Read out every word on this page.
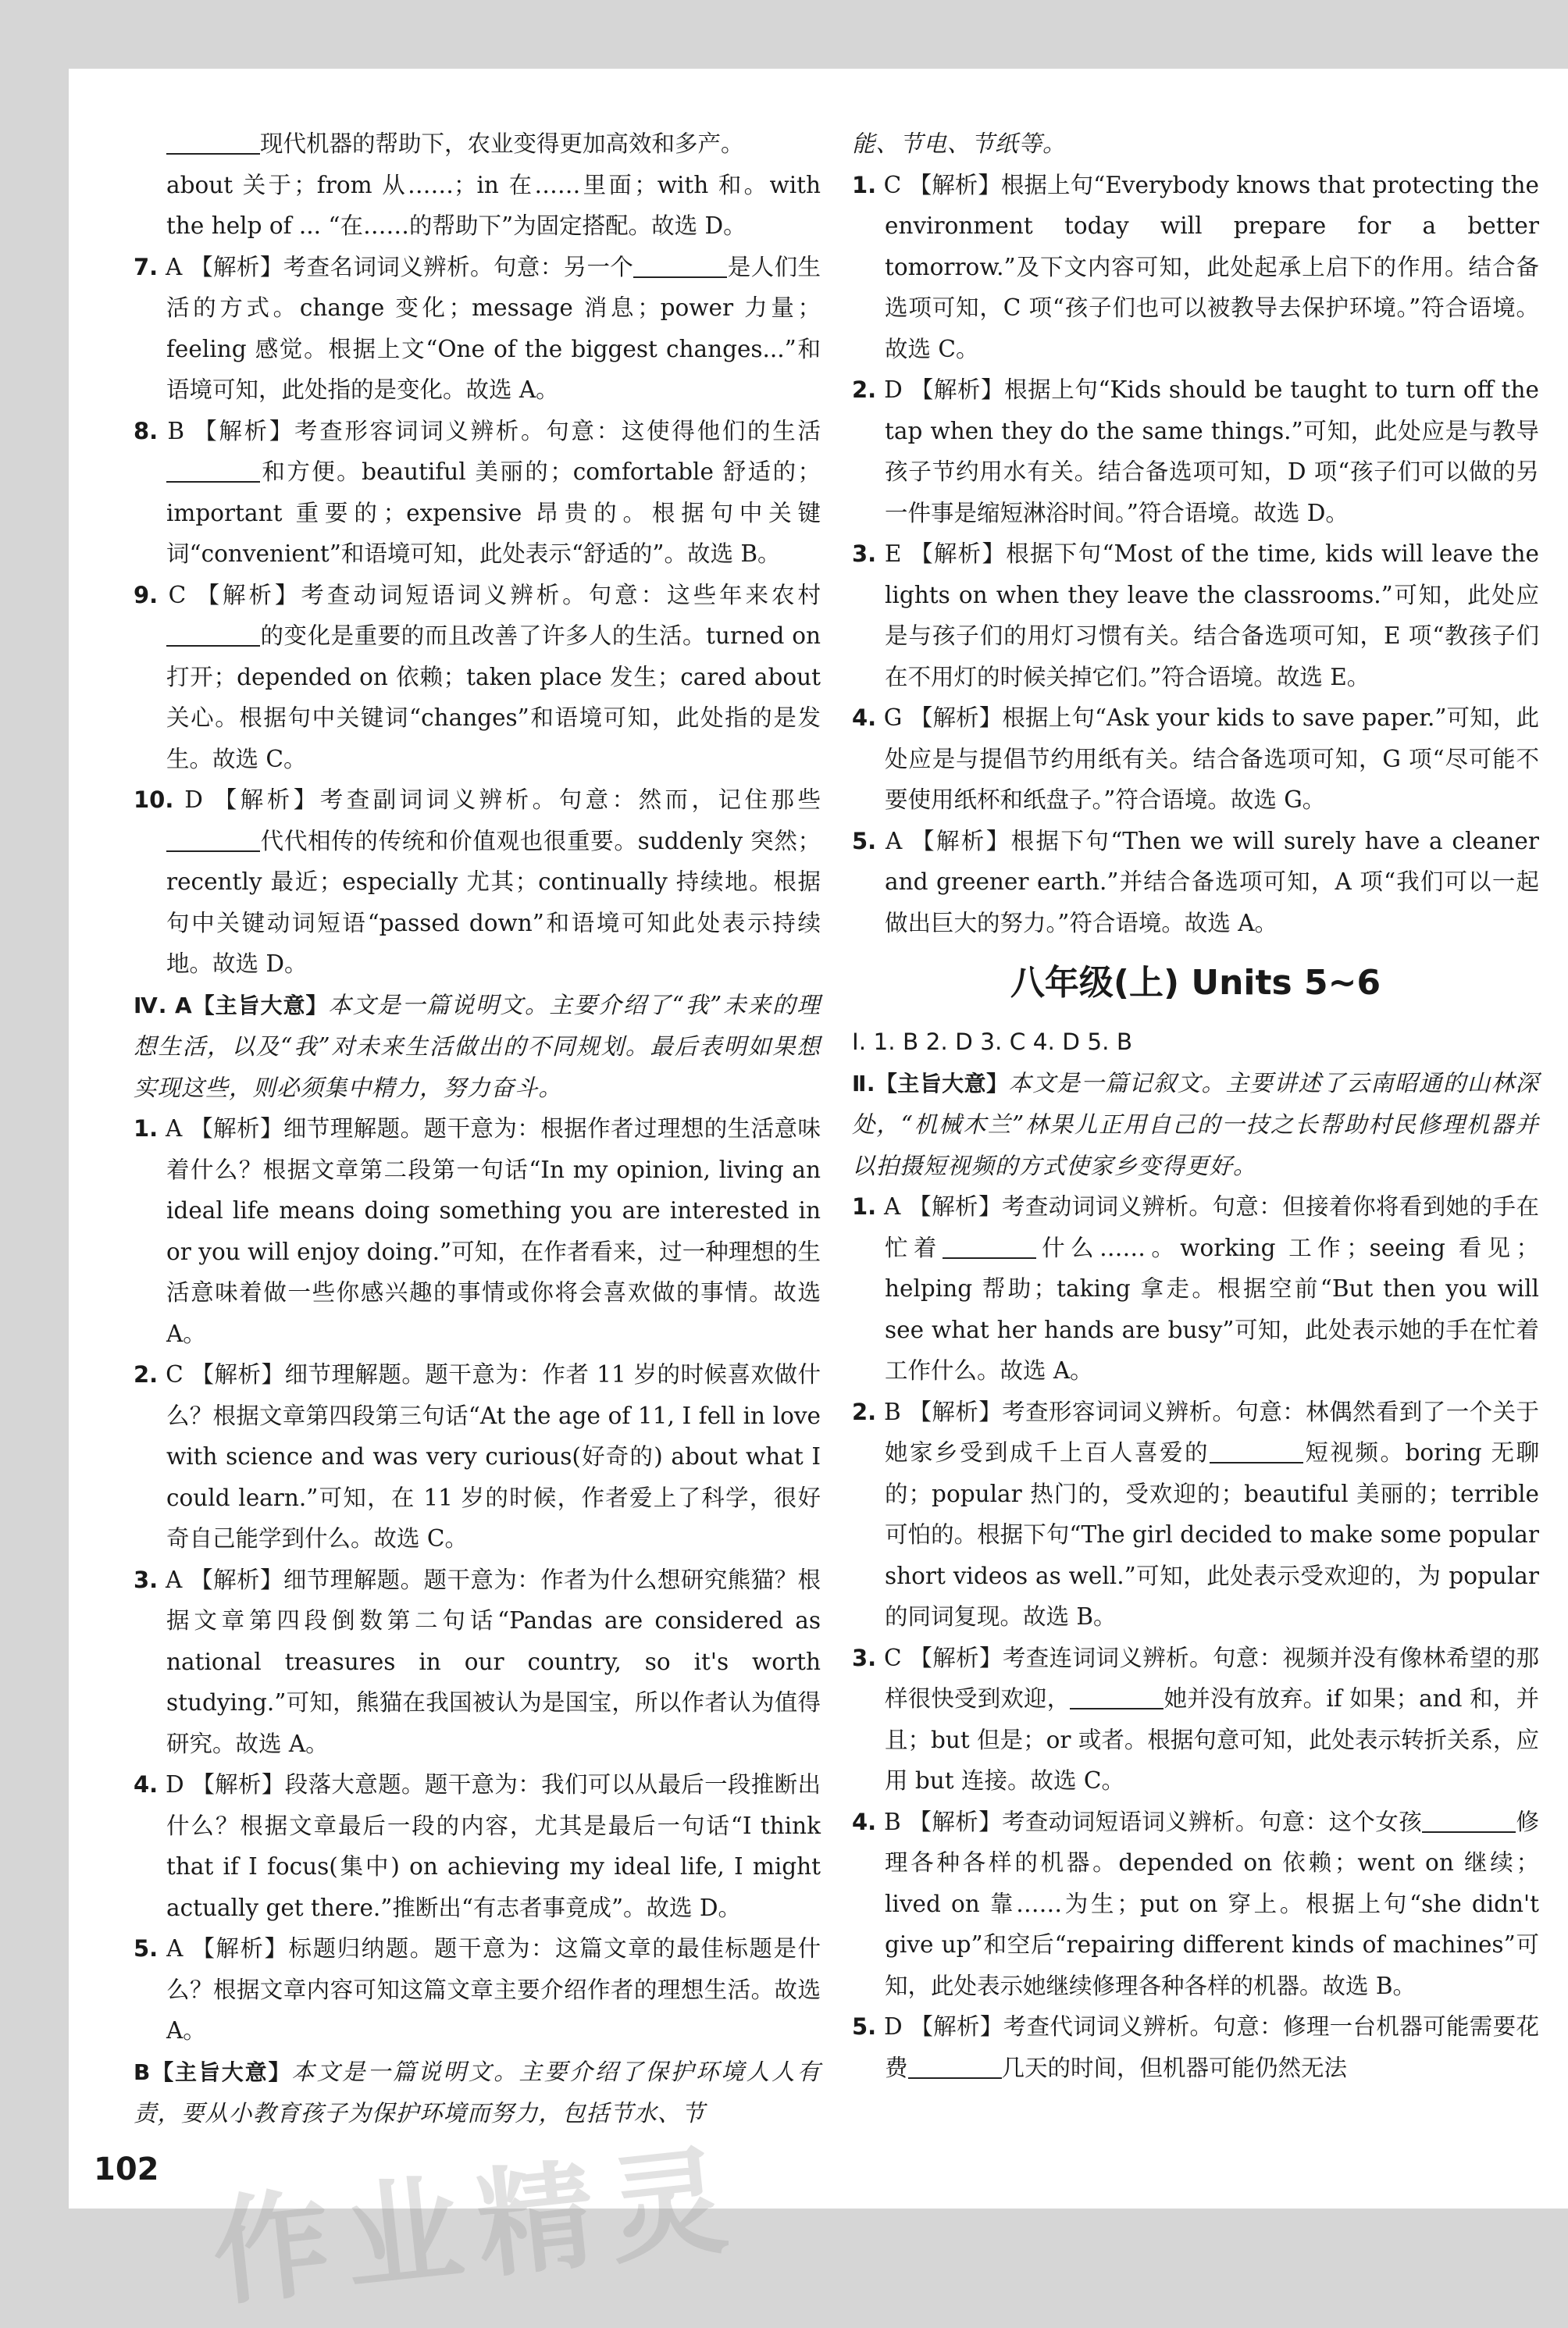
现代机器的帮助下，农业变得更加高效和多产。

about 关于；from 从……；in 在……里面；with 和。with the help of ... “在……的帮助下”为固定搭配。故选 D。

7. A 【解析】考查名词词义辨析。句意：另一个	是人们生活的方式。change 变化；message 消息；power 力量；feeling 感觉。根据上文“One of the biggest changes...”和语境可知，此处指的是变化。故选 A。

8. B 【解析】考查形容词词义辨析。句意：这使得他们的生活和方便。beautiful 美丽的；comfortable 舒适的；important 重要的；expensive 昂贵的。根据句中关键词“convenient”和语境可知，此处表示“舒适的”。故选 B。

9. C 【解析】考查动词短语词义辨析。句意：这些年来农村的变化是重要的而且改善了许多人的生活。turned on 打开；depended on 依赖；taken place 发生；cared about 关心。根据句中关键词“changes”和语境可知，此处指的是发生。故选 C。

10. D 【解析】考查副词词义辨析。句意：然而，记住那些代代相传的传统和价值观也很重要。suddenly 突然；recently 最近；especially 尤其；continually 持续地。根据句中关键动词短语“passed down”和语境可知此处表示持续地。故选 D。

Ⅳ. A【主旨大意】本文是一篇说明文。主要介绍了“我”未来的理想生活，以及“我”对未来生活做出的不同规划。最后表明如果想实现这些，则必须集中精力，努力奋斗。

1. A 【解析】细节理解题。题干意为：根据作者过理想的生活意味着什么？根据文章第二段第一句话“In my opinion, living an ideal life means doing something you are interested in or you will enjoy doing.”可知，在作者看来，过一种理想的生活意味着做一些你感兴趣的事情或你将会喜欢做的事情。故选 A。

2. C 【解析】细节理解题。题干意为：作者 11 岁的时候喜欢做什么？根据文章第四段第三句话“At the age of 11, I fell in love with science and was very curious(好奇的) about what I could learn.”可知，在 11 岁的时候，作者爱上了科学，很好奇自己能学到什么。故选 C。

3. A 【解析】细节理解题。题干意为：作者为什么想研究熊猫？根据文章第四段倒数第二句话“Pandas are considered as national treasures in our country, so it's worth studying.”可知，熊猫在我国被认为是国宝，所以作者认为值得研究。故选 A。

4. D 【解析】段落大意题。题干意为：我们可以从最后一段推断出什么？根据文章最后一段的内容，尤其是最后一句话“I think that if I focus(集中) on achieving my ideal life, I might actually get there.”推断出“有志者事竟成”。故选 D。

5. A 【解析】标题归纳题。题干意为：这篇文章的最佳标题是什么？根据文章内容可知这篇文章主要介绍作者的理想生活。故选 A。

B【主旨大意】本文是一篇说明文。主要介绍了保护环境人人有责，要从小教育孩子为保护环境而努力，包括节水、节

能、节电、节纸等。

1. C 【解析】根据上句“Everybody knows that protecting the environment today will prepare for a better tomorrow.”及下文内容可知，此处起承上启下的作用。结合备选项可知，C 项“孩子们也可以被教导去保护环境。”符合语境。故选 C。

2. D 【解析】根据上句“Kids should be taught to turn off the tap when they do the same things.”可知，此处应是与教导孩子节约用水有关。结合备选项可知，D 项“孩子们可以做的另一件事是缩短淋浴时间。”符合语境。故选 D。

3. E 【解析】根据下句“Most of the time, kids will leave the lights on when they leave the classrooms.”可知，此处应是与孩子们的用灯习惯有关。结合备选项可知，E 项“教孩子们在不用灯的时候关掉它们。”符合语境。故选 E。

4. G 【解析】根据上句“Ask your kids to save paper.”可知，此处应是与提倡节约用纸有关。结合备选项可知，G 项“尽可能不要使用纸杯和纸盘子。”符合语境。故选 G。

5. A 【解析】根据下句“Then we will surely have a cleaner and greener earth.”并结合备选项可知，A 项“我们可以一起做出巨大的努力。”符合语境。故选 A。

八年级(上) Units 5~6

Ⅰ. 1. B 2. D 3. C 4. D 5. B

Ⅱ.【主旨大意】本文是一篇记叙文。主要讲述了云南昭通的山林深处，“机械木兰”林果儿正用自己的一技之长帮助村民修理机器并以拍摄短视频的方式使家乡变得更好。

1. A 【解析】考查动词词义辨析。句意：但接着你将看到她的手在忙着	什么……。working 工作；seeing 看见；helping 帮助；taking 拿走。根据空前“But then you will see what her hands are busy”可知，此处表示她的手在忙着工作什么。故选 A。

2. B 【解析】考查形容词词义辨析。句意：林偶然看到了一个关于她家乡受到成千上百人喜爱的	短视频。boring 无聊的；popular 热门的，受欢迎的；beautiful 美丽的；terrible 可怕的。根据下句“The girl decided to make some popular short videos as well.”可知，此处表示受欢迎的，为 popular 的同词复现。故选 B。

3. C 【解析】考查连词词义辨析。句意：视频并没有像林希望的那样很快受到欢迎，	她并没有放弃。if 如果；and 和，并且；but 但是；or 或者。根据句意可知，此处表示转折关系，应用 but 连接。故选 C。

4. B 【解析】考查动词短语词义辨析。句意：这个女孩	修理各种各样的机器。depended on 依赖；went on 继续；lived on 靠……为生；put on 穿上。根据上句“she didn't give up”和空后“repairing different kinds of machines”可知，此处表示她继续修理各种各样的机器。故选 B。

5. D 【解析】考查代词词义辨析。句意：修理一台机器可能需要花费	几天的时间，但机器可能仍然无法

102 作业精灵
